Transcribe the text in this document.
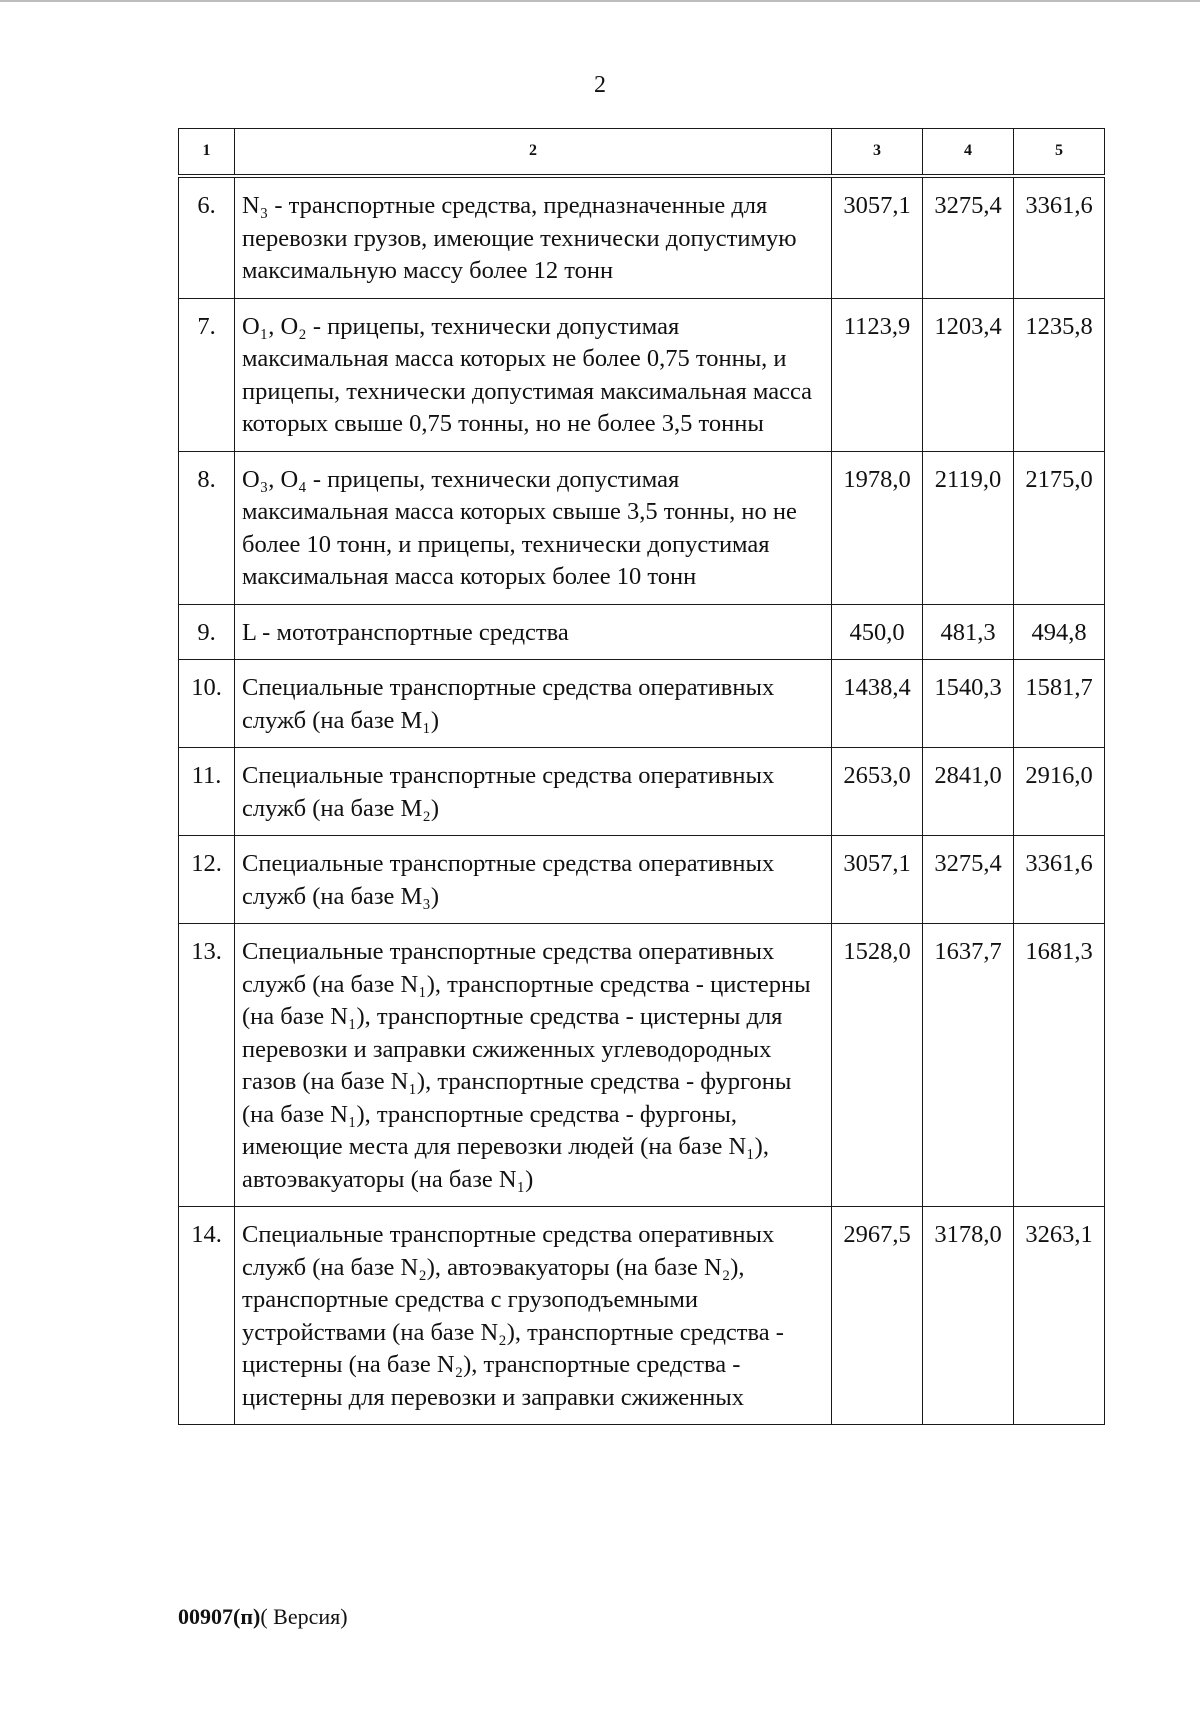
2
1	2	3	4	5
6.	N₃ - транспортные средства, предназначенные для перевозки грузов, имеющие технически допустимую максимальную массу более 12 тонн	3057,1	3275,4	3361,6
7.	O₁, O₂ - прицепы, технически допустимая максимальная масса которых не более 0,75 тонны, и прицепы, технически допустимая максимальная масса которых свыше 0,75 тонны, но не более 3,5 тонны	1123,9	1203,4	1235,8
8.	O₃, O₄ - прицепы, технически допустимая максимальная масса которых свыше 3,5 тонны, но не более 10 тонн, и прицепы, технически допустимая максимальная масса которых более 10 тонн	1978,0	2119,0	2175,0
9.	L - мототранспортные средства	450,0	481,3	494,8
10.	Специальные транспортные средства оперативных служб (на базе M₁)	1438,4	1540,3	1581,7
11.	Специальные транспортные средства оперативных служб (на базе M₂)	2653,0	2841,0	2916,0
12.	Специальные транспортные средства оперативных служб (на базе M₃)	3057,1	3275,4	3361,6
13.	Специальные транспортные средства оперативных служб (на базе N₁), транспортные средства - цистерны (на базе N₁), транспортные средства - цистерны для перевозки и заправки сжиженных углеводородных газов (на базе N₁), транспортные средства - фургоны (на базе N₁), транспортные средства - фургоны, имеющие места для перевозки людей (на базе N₁), автоэвакуаторы (на базе N₁)	1528,0	1637,7	1681,3
14.	Специальные транспортные средства оперативных служб (на базе N₂), автоэвакуаторы (на базе N₂), транспортные средства с грузоподъемными устройствами (на базе N₂), транспортные средства - цистерны (на базе N₂), транспортные средства - цистерны для перевозки и заправки сжиженных	2967,5	3178,0	3263,1
00907(п)( Версия)
